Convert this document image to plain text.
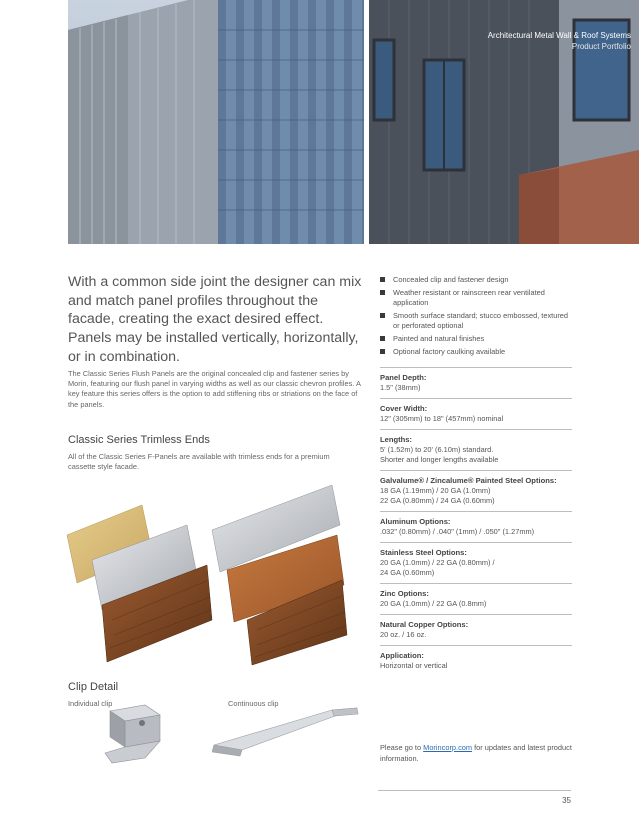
Architectural Metal Wall & Roof Systems
Product Portfolio
With a common side joint the designer can mix and match panel profiles throughout the facade, creating the exact desired effect. Panels may be installed vertically, horizontally, or in combination.
The Classic Series Flush Panels are the original concealed clip and fastener series by Morin, featuring our flush panel in varying widths as well as our classic chevron profiles. A key feature this series offers is the option to add stiffening ribs or striations on the face of the panels.
Classic Series Trimless Ends
All of the Classic Series F-Panels are available with trimless ends for a premium cassette style facade.
Clip Detail
Individual clip	Continuous clip
Concealed clip and fastener design
Weather resistant or rainscreen rear ventilated application
Smooth surface standard; stucco embossed, textured or perforated optional
Painted and natural finishes
Optional factory caulking available
Panel Depth:
1.5" (38mm)
Cover Width:
12" (305mm) to 18" (457mm) nominal
Lengths:
5' (1.52m) to 20' (6.10m) standard.
Shorter and longer lengths available
Galvalume® / Zincalume® Painted Steel Options:
18 GA (1.19mm) / 20 GA (1.0mm)
22 GA (0.80mm) / 24 GA (0.60mm)
Aluminum Options:
.032" (0.80mm) / .040" (1mm) / .050" (1.27mm)
Stainless Steel Options:
20 GA (1.0mm) / 22 GA (0.80mm) /
24 GA (0.60mm)
Zinc Options:
20 GA (1.0mm) / 22 GA (0.8mm)
Natural Copper Options:
20 oz. / 16 oz.
Application:
Horizontal or vertical
Please go to Morincorp.com for updates and latest product information.
35
